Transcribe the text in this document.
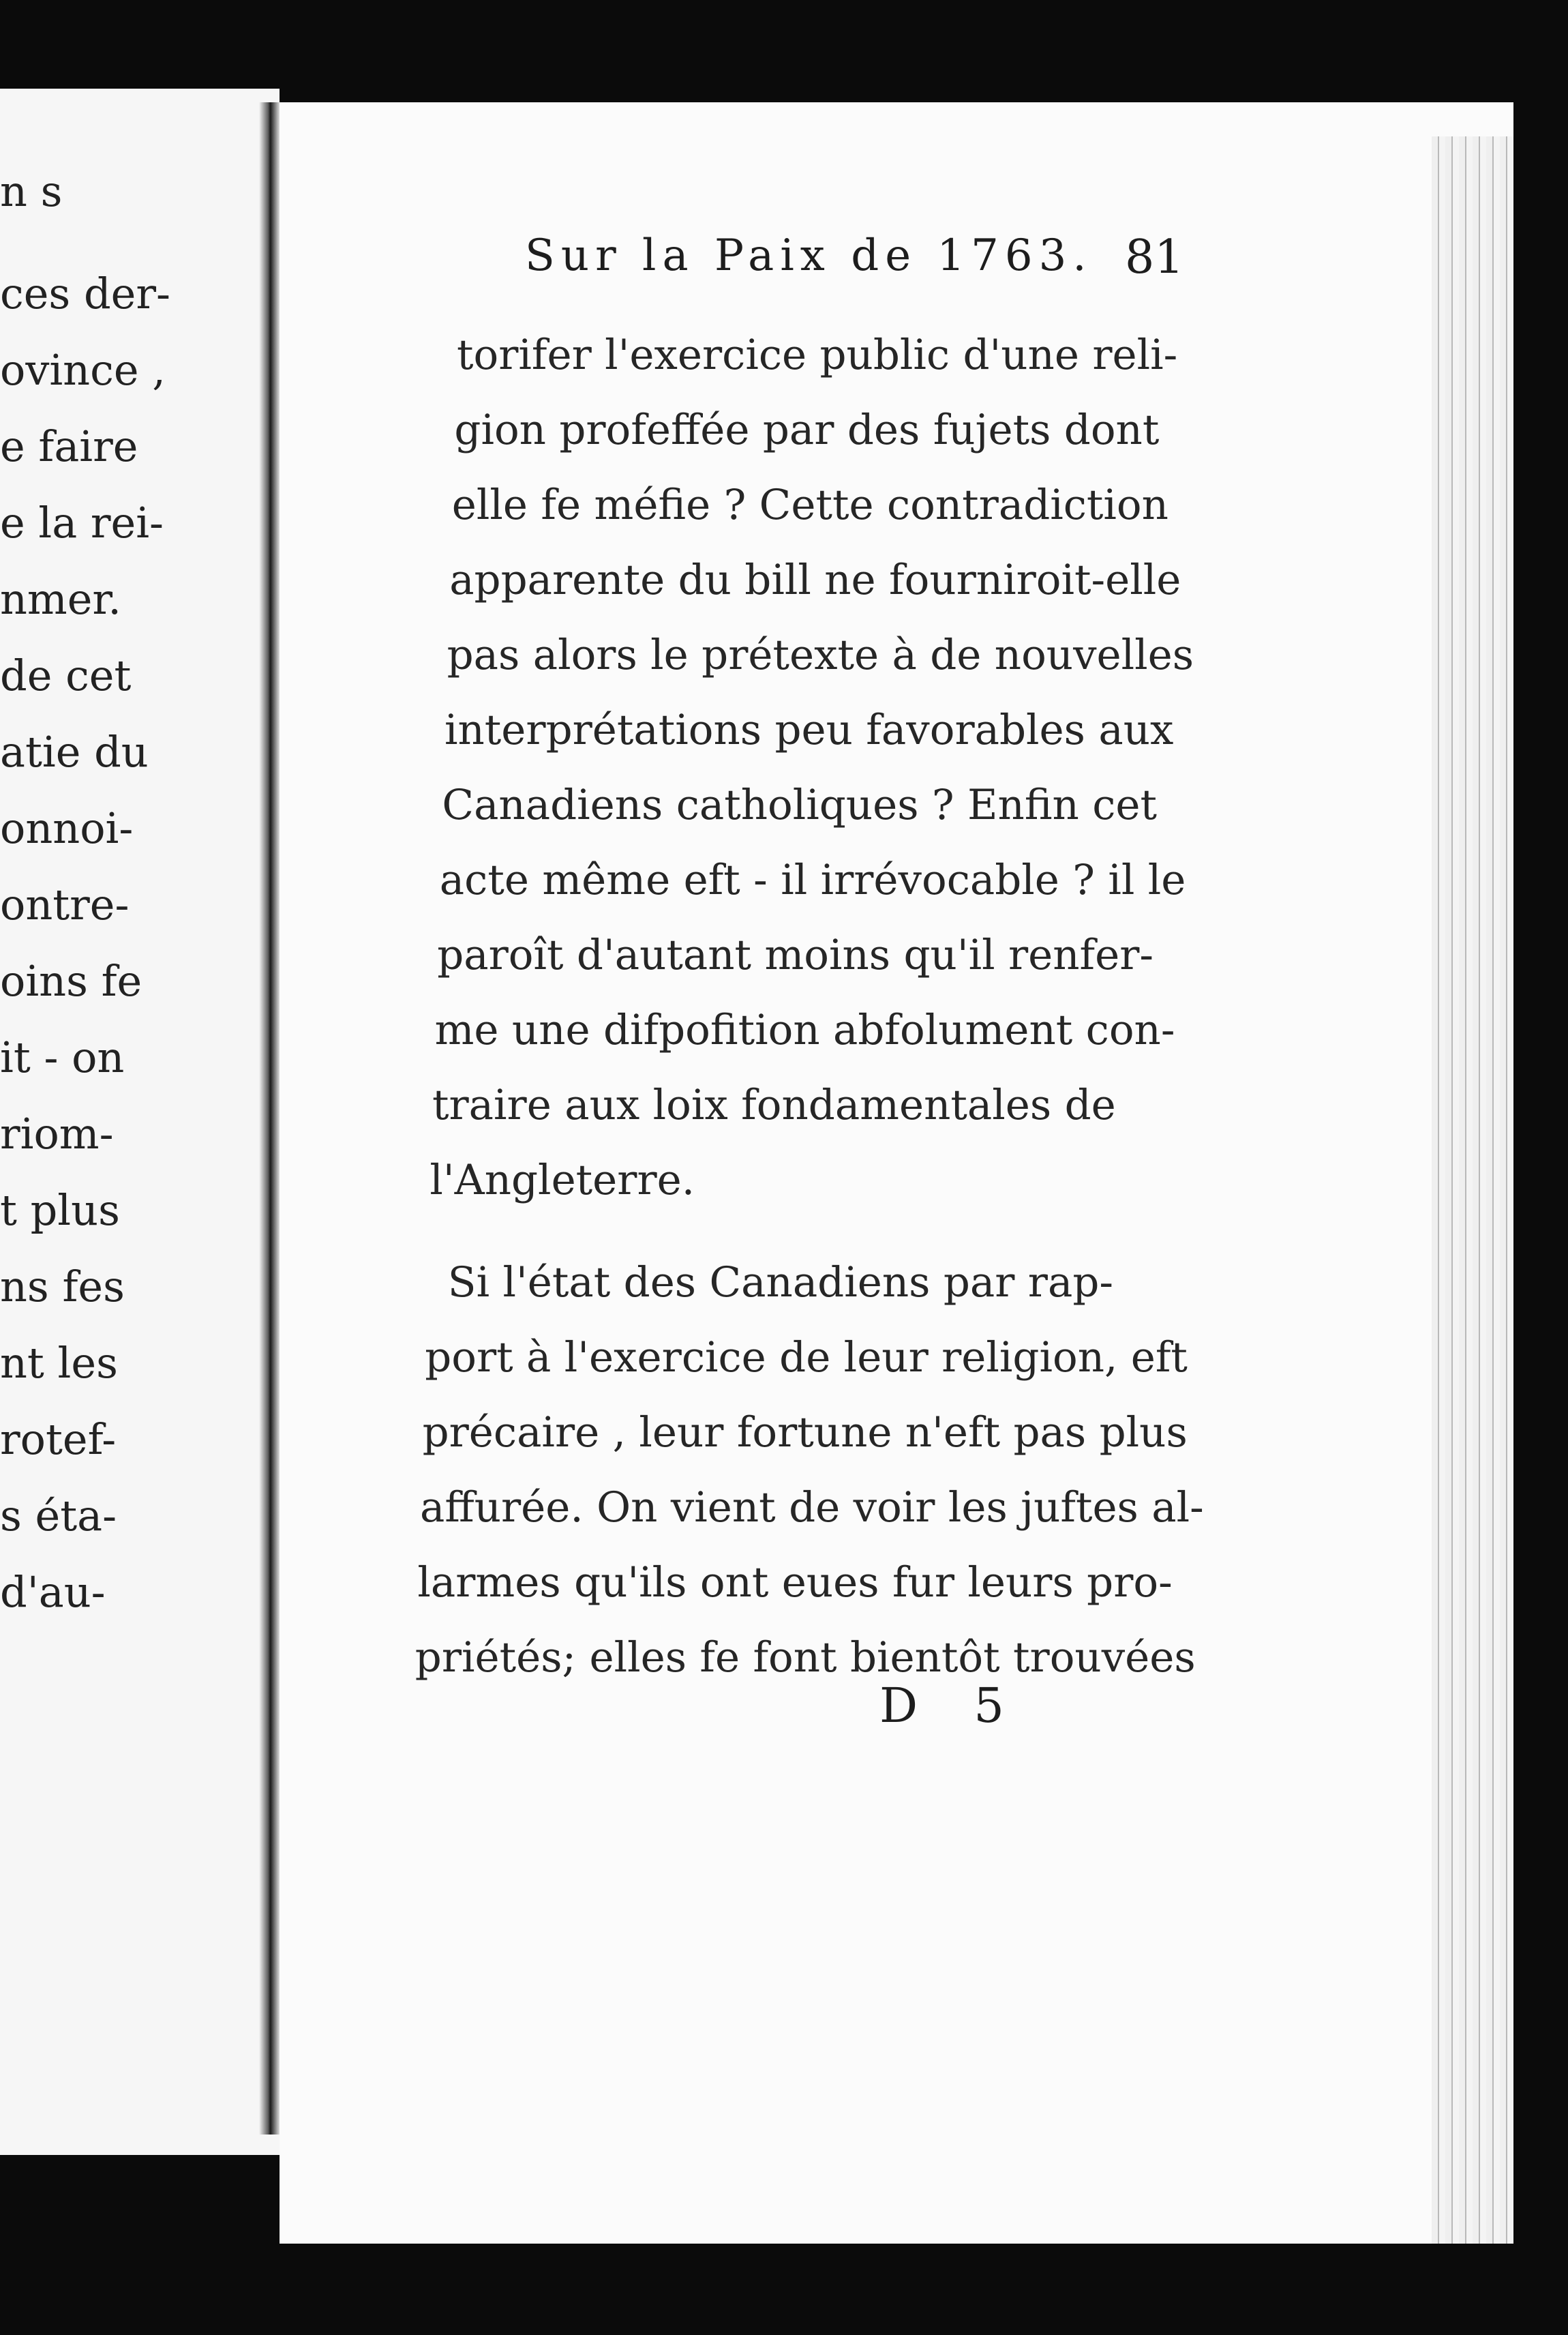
n s
ces der-
ovince ,
e faire
e la rei-
nmer.
de cet
atie du
onnoi-
ontre-
oins fe
it - on
riom-
t plus
ns fes
nt les
rotef-
s éta-
d'au-
Sur la Paix de 1763. 81
torifer l'exercice public d'une reli-
gion profeffée par des fujets dont
elle fe méfie ? Cette contradiction
apparente du bill ne fourniroit-elle
pas alors le prétexte à de nouvelles
interprétations peu favorables aux
Canadiens catholiques ? Enfin cet
acte même eft - il irrévocable ? il le
paroît d'autant moins qu'il renfer-
me une difpofition abfolument con-
traire aux loix fondamentales de
l'Angleterre.
Si l'état des Canadiens par rap-
port à l'exercice de leur religion, eft
précaire , leur fortune n'eft pas plus
affurée. On vient de voir les juftes al-
larmes qu'ils ont eues fur leurs pro-
priétés; elles fe font bientôt trouvées
D 5
